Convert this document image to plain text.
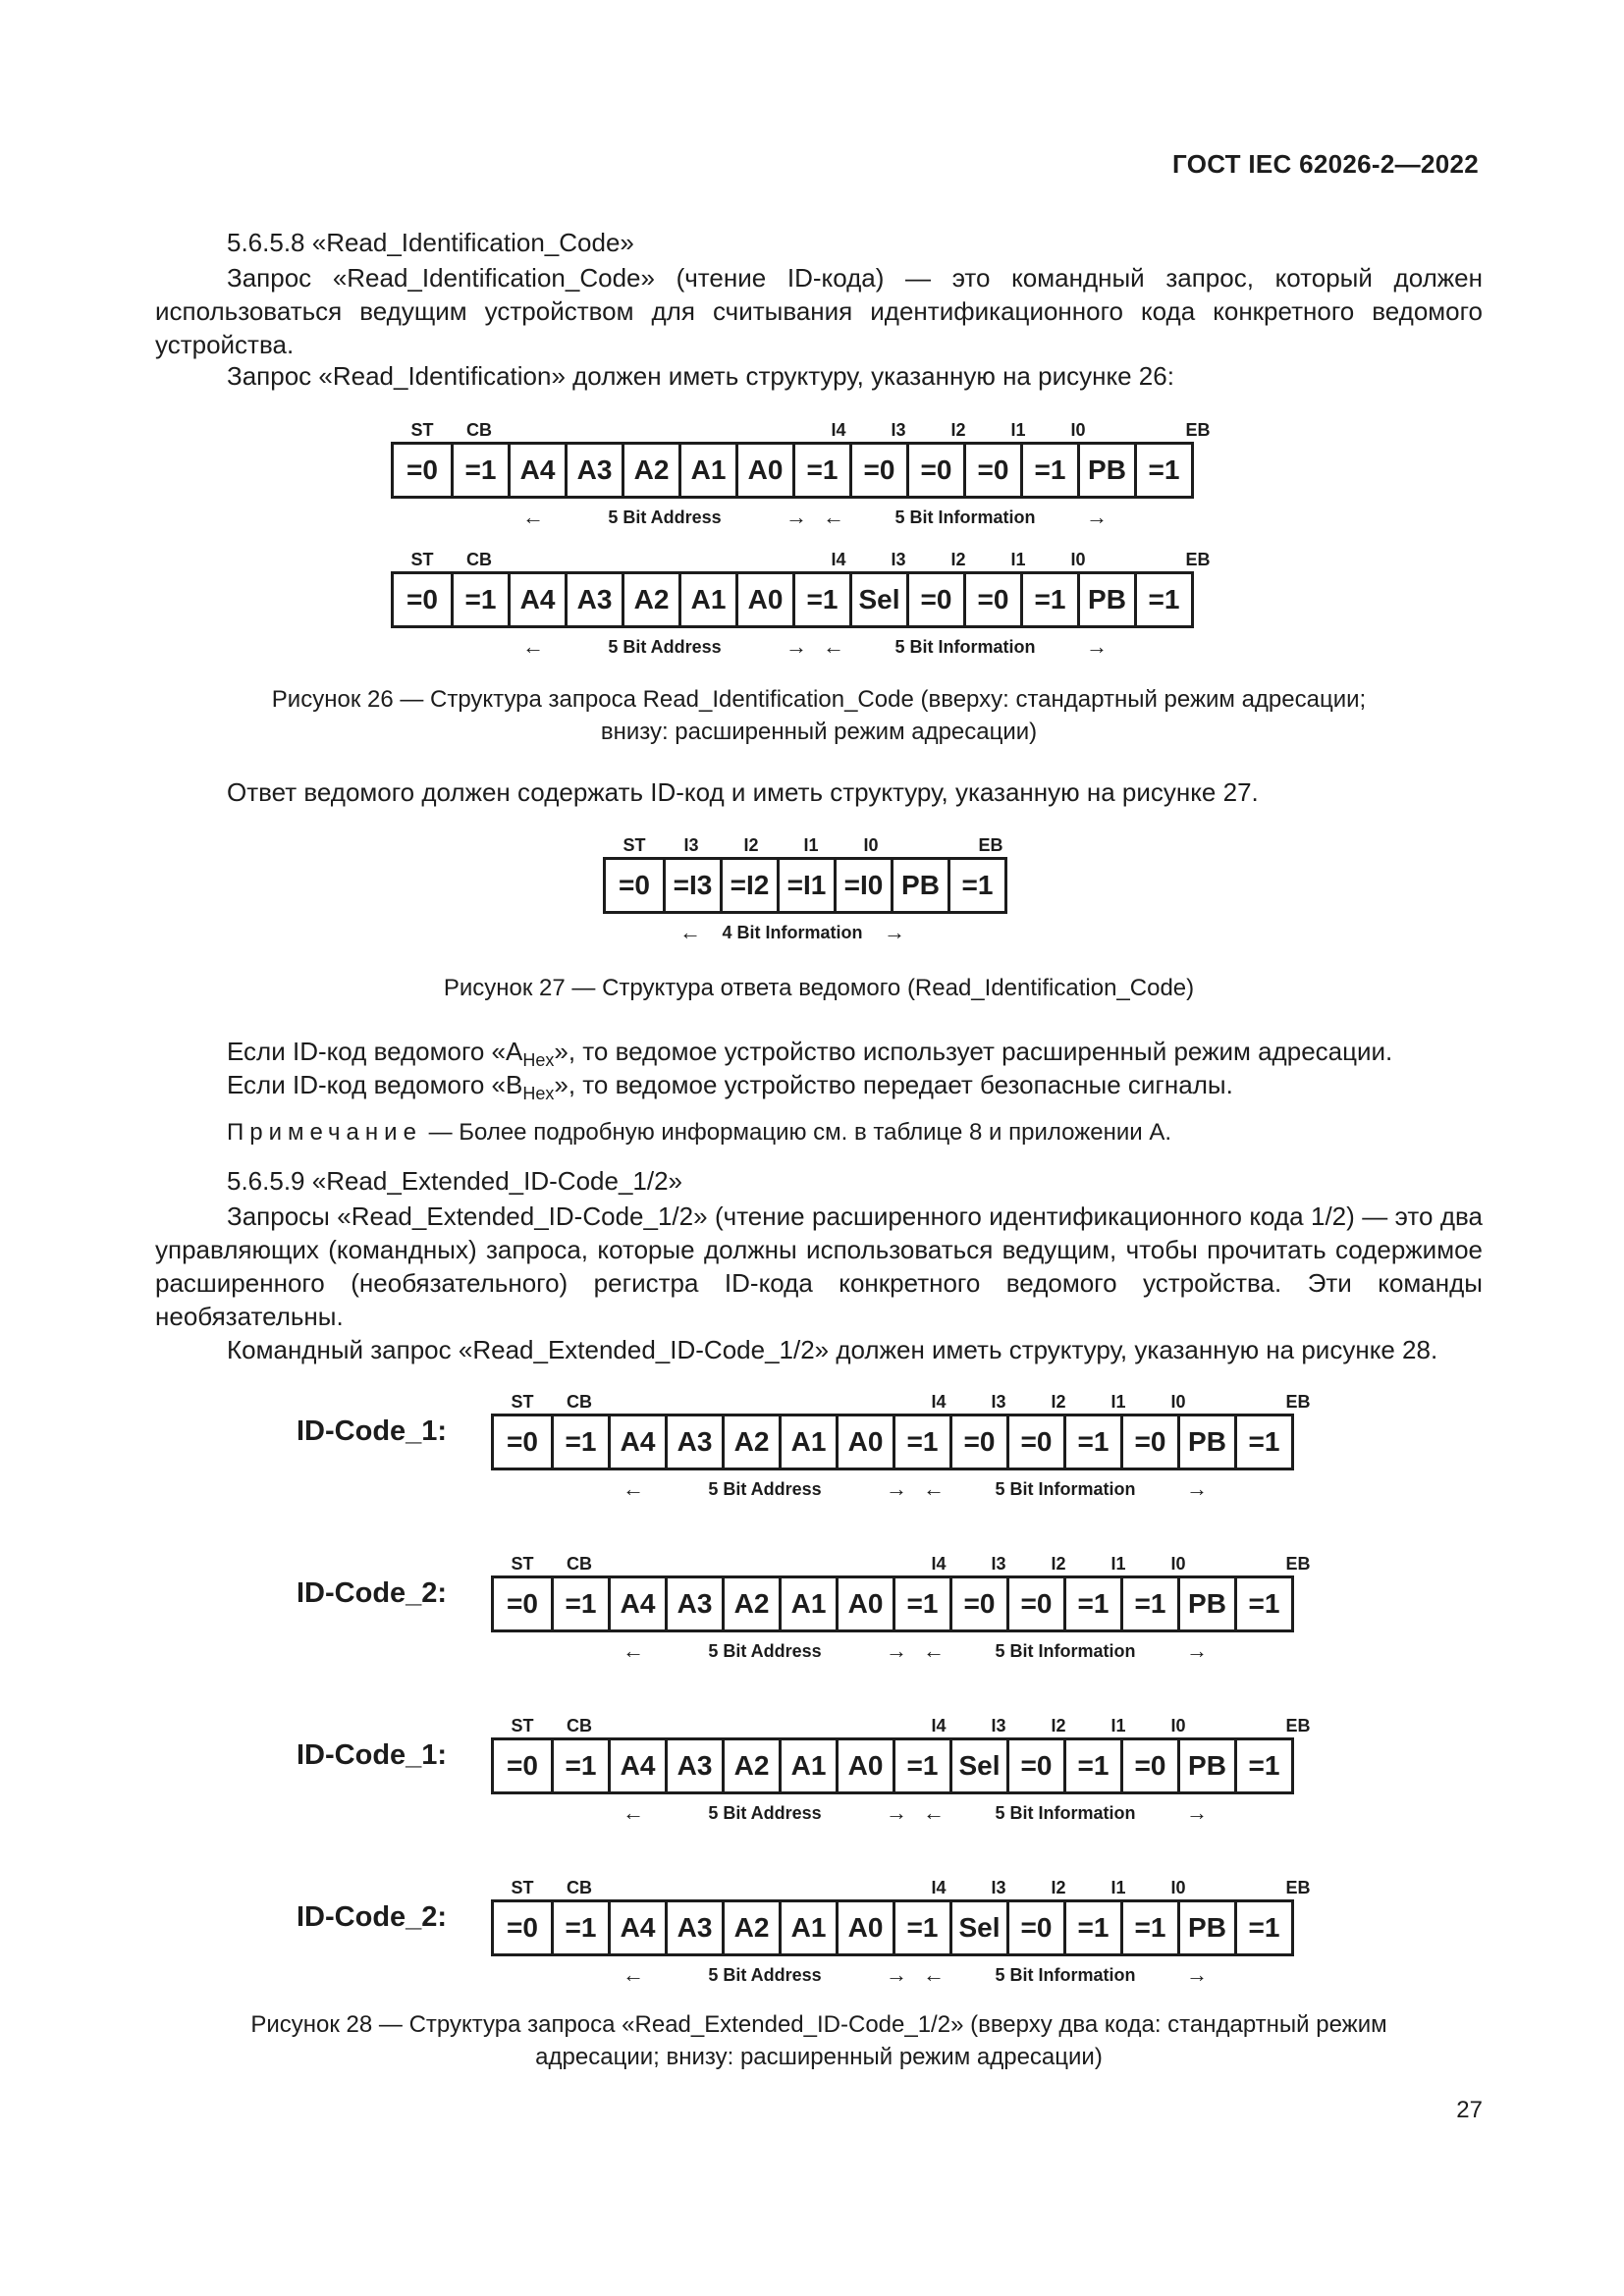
ГОСТ IEC 62026-2—2022
5.6.5.8 «Read_Identification_Code»
Запрос «Read_Identification_Code» (чтение ID-кода) — это командный запрос, который должен использоваться ведущим устройством для считывания идентификационного кода конкретного ведомого устройства.
Запрос «Read_Identification» должен иметь структуру, указанную на рисунке 26:
ST CB	I4	I3	I2	I1	I0	EB
=0 =1 A4 A3 A2 A1 A0 =1 =0 =0 =0 =1 PB =1
←	5 Bit Address	→ ←	5 Bit Information →
ST CB	I4	I3	I2	I1	I0	EB
=0 =1 A4 A3 A2 A1 A0 =1 Sel =0 =0 =1 PB =1
←	5 Bit Address	→ ←	5 Bit Information →
Рисунок 26 — Структура запроса Read_Identification_Code (вверху: стандартный режим адресации;
внизу: расширенный режим адресации)
Ответ ведомого должен содержать ID-код и иметь структуру, указанную на рисунке 27.
ST I3	I2	I1	I0	EB
=0 =I3 =I2 =I1 =I0 PB =1
← 4 Bit Information →
Рисунок 27 — Структура ответа ведомого (Read_Identification_Code)
Если ID-код ведомого «$A_{Hex}$», то ведомое устройство использует расширенный режим адресации.
Если ID-код ведомого «$B_{Hex}$», то ведомое устройство передает безопасные сигналы.
Примечание — Более подробную информацию см. в таблице 8 и приложении А.
5.6.5.9 «Read_Extended_ID-Code_1/2»
Запросы «Read_Extended_ID-Code_1/2» (чтение расширенного идентификационного кода 1/2) — это два управляющих (командных) запроса, которые должны использоваться ведущим, чтобы прочитать содержимое расширенного (необязательного) регистра ID-кода конкретного ведомого устройства. Эти команды необязательны.
Командный запрос «Read_Extended_ID-Code_1/2» должен иметь структуру, указанную на рисунке 28.
ID-Code_1:
ST CB	I4	I3	I2	I1	I0	EB
=0 =1 A4 A3 A2 A1 A0 =1 =0 =0 =1 =0 PB =1
←	5 Bit Address	→ ←	5 Bit Information →
ID-Code_2:
ST CB	I4	I3	I2	I1	I0	EB
=0 =1 A4 A3 A2 A1 A0 =1 =0 =0 =1 =1 PB =1
←	5 Bit Address	→ ←	5 Bit Information →
ID-Code_1:
ST CB	I4	I3	I2	I1	I0	EB
=0 =1 A4 A3 A2 A1 A0 =1 Sel =0 =1 =0 PB =1
←	5 Bit Address	→ ←	5 Bit Information →
ID-Code_2:
ST CB	I4	I3	I2	I1	I0	EB
=0 =1 A4 A3 A2 A1 A0 =1 Sel =0 =1 =1 PB =1
←	5 Bit Address	→ ←	5 Bit Information →
Рисунок 28 — Структура запроса «Read_Extended_ID-Code_1/2» (вверху два кода: стандартный режим
адресации; внизу: расширенный режим адресации)
27
